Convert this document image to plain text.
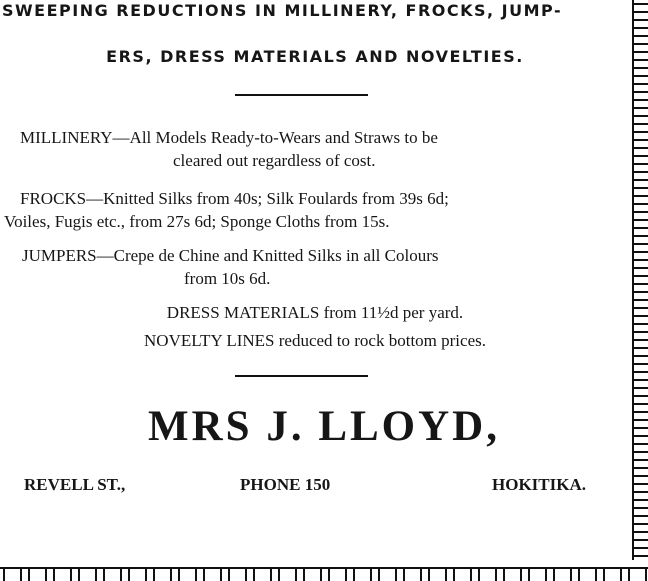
SWEEPING REDUCTIONS IN MILLINERY, FROCKS, JUMP-

ERS, DRESS MATERIALS AND NOVELTIES.

MILLINERY—All Models Ready-to-Wears and Straws to be

cleared out regardless of cost.

FROCKS—Knitted Silks from 40s; Silk Foulards from 39s 6d;

Voiles, Fugis etc., from 27s 6d; Sponge Cloths from 15s.

JUMPERS—Crepe de Chine and Knitted Silks in all Colours

from 10s 6d.

DRESS MATERIALS from 11½d per yard.

NOVELTY LINES reduced to rock bottom prices.

MRS J. LLOYD,

REVELL ST.,	PHONE 150	HOKITIKA.
